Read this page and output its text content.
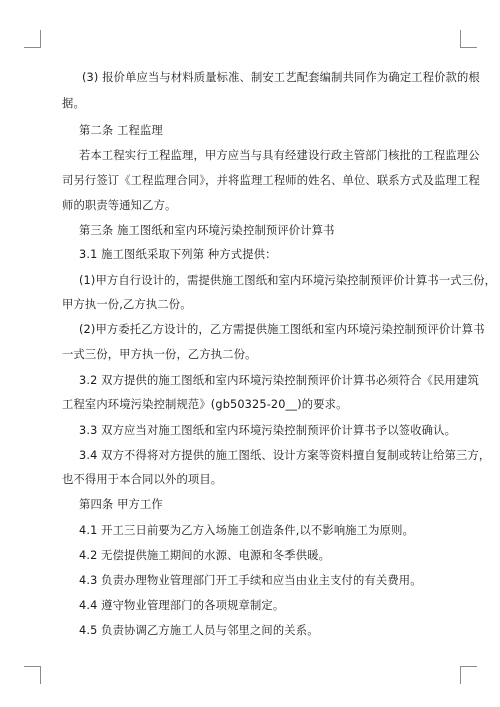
(3) 报价单应当与材料质量标准、制安工艺配套编制共同作为确定工程价款的根
据。
第二条 工程监理
若本工程实行工程监理，甲方应当与具有经建设行政主管部门核批的工程监理公
司另行签订《工程监理合同》，并将监理工程师的姓名、单位、联系方式及监理工程
师的职责等通知乙方。
第三条 施工图纸和室内环境污染控制预评价计算书
3.1 施工图纸采取下列第 种方式提供：
(1)甲方自行设计的，需提供施工图纸和室内环境污染控制预评价计算书一式三份，
甲方执一份,乙方执二份。
(2)甲方委托乙方设计的，乙方需提供施工图纸和室内环境污染控制预评价计算书
一式三份，甲方执一份，乙方执二份。
3.2 双方提供的施工图纸和室内环境污染控制预评价计算书必须符合《民用建筑
工程室内环境污染控制规范》(gb50325-20__)的要求。
3.3 双方应当对施工图纸和室内环境污染控制预评价计算书予以签收确认。
3.4 双方不得将对方提供的施工图纸、设计方案等资料擅自复制或转让给第三方，
也不得用于本合同以外的项目。
第四条 甲方工作
4.1 开工三日前要为乙方入场施工创造条件,以不影响施工为原则。
4.2 无偿提供施工期间的水源、电源和冬季供暖。
4.3 负责办理物业管理部门开工手续和应当由业主支付的有关费用。
4.4 遵守物业管理部门的各项规章制定。
4.5 负责协调乙方施工人员与邻里之间的关系。
